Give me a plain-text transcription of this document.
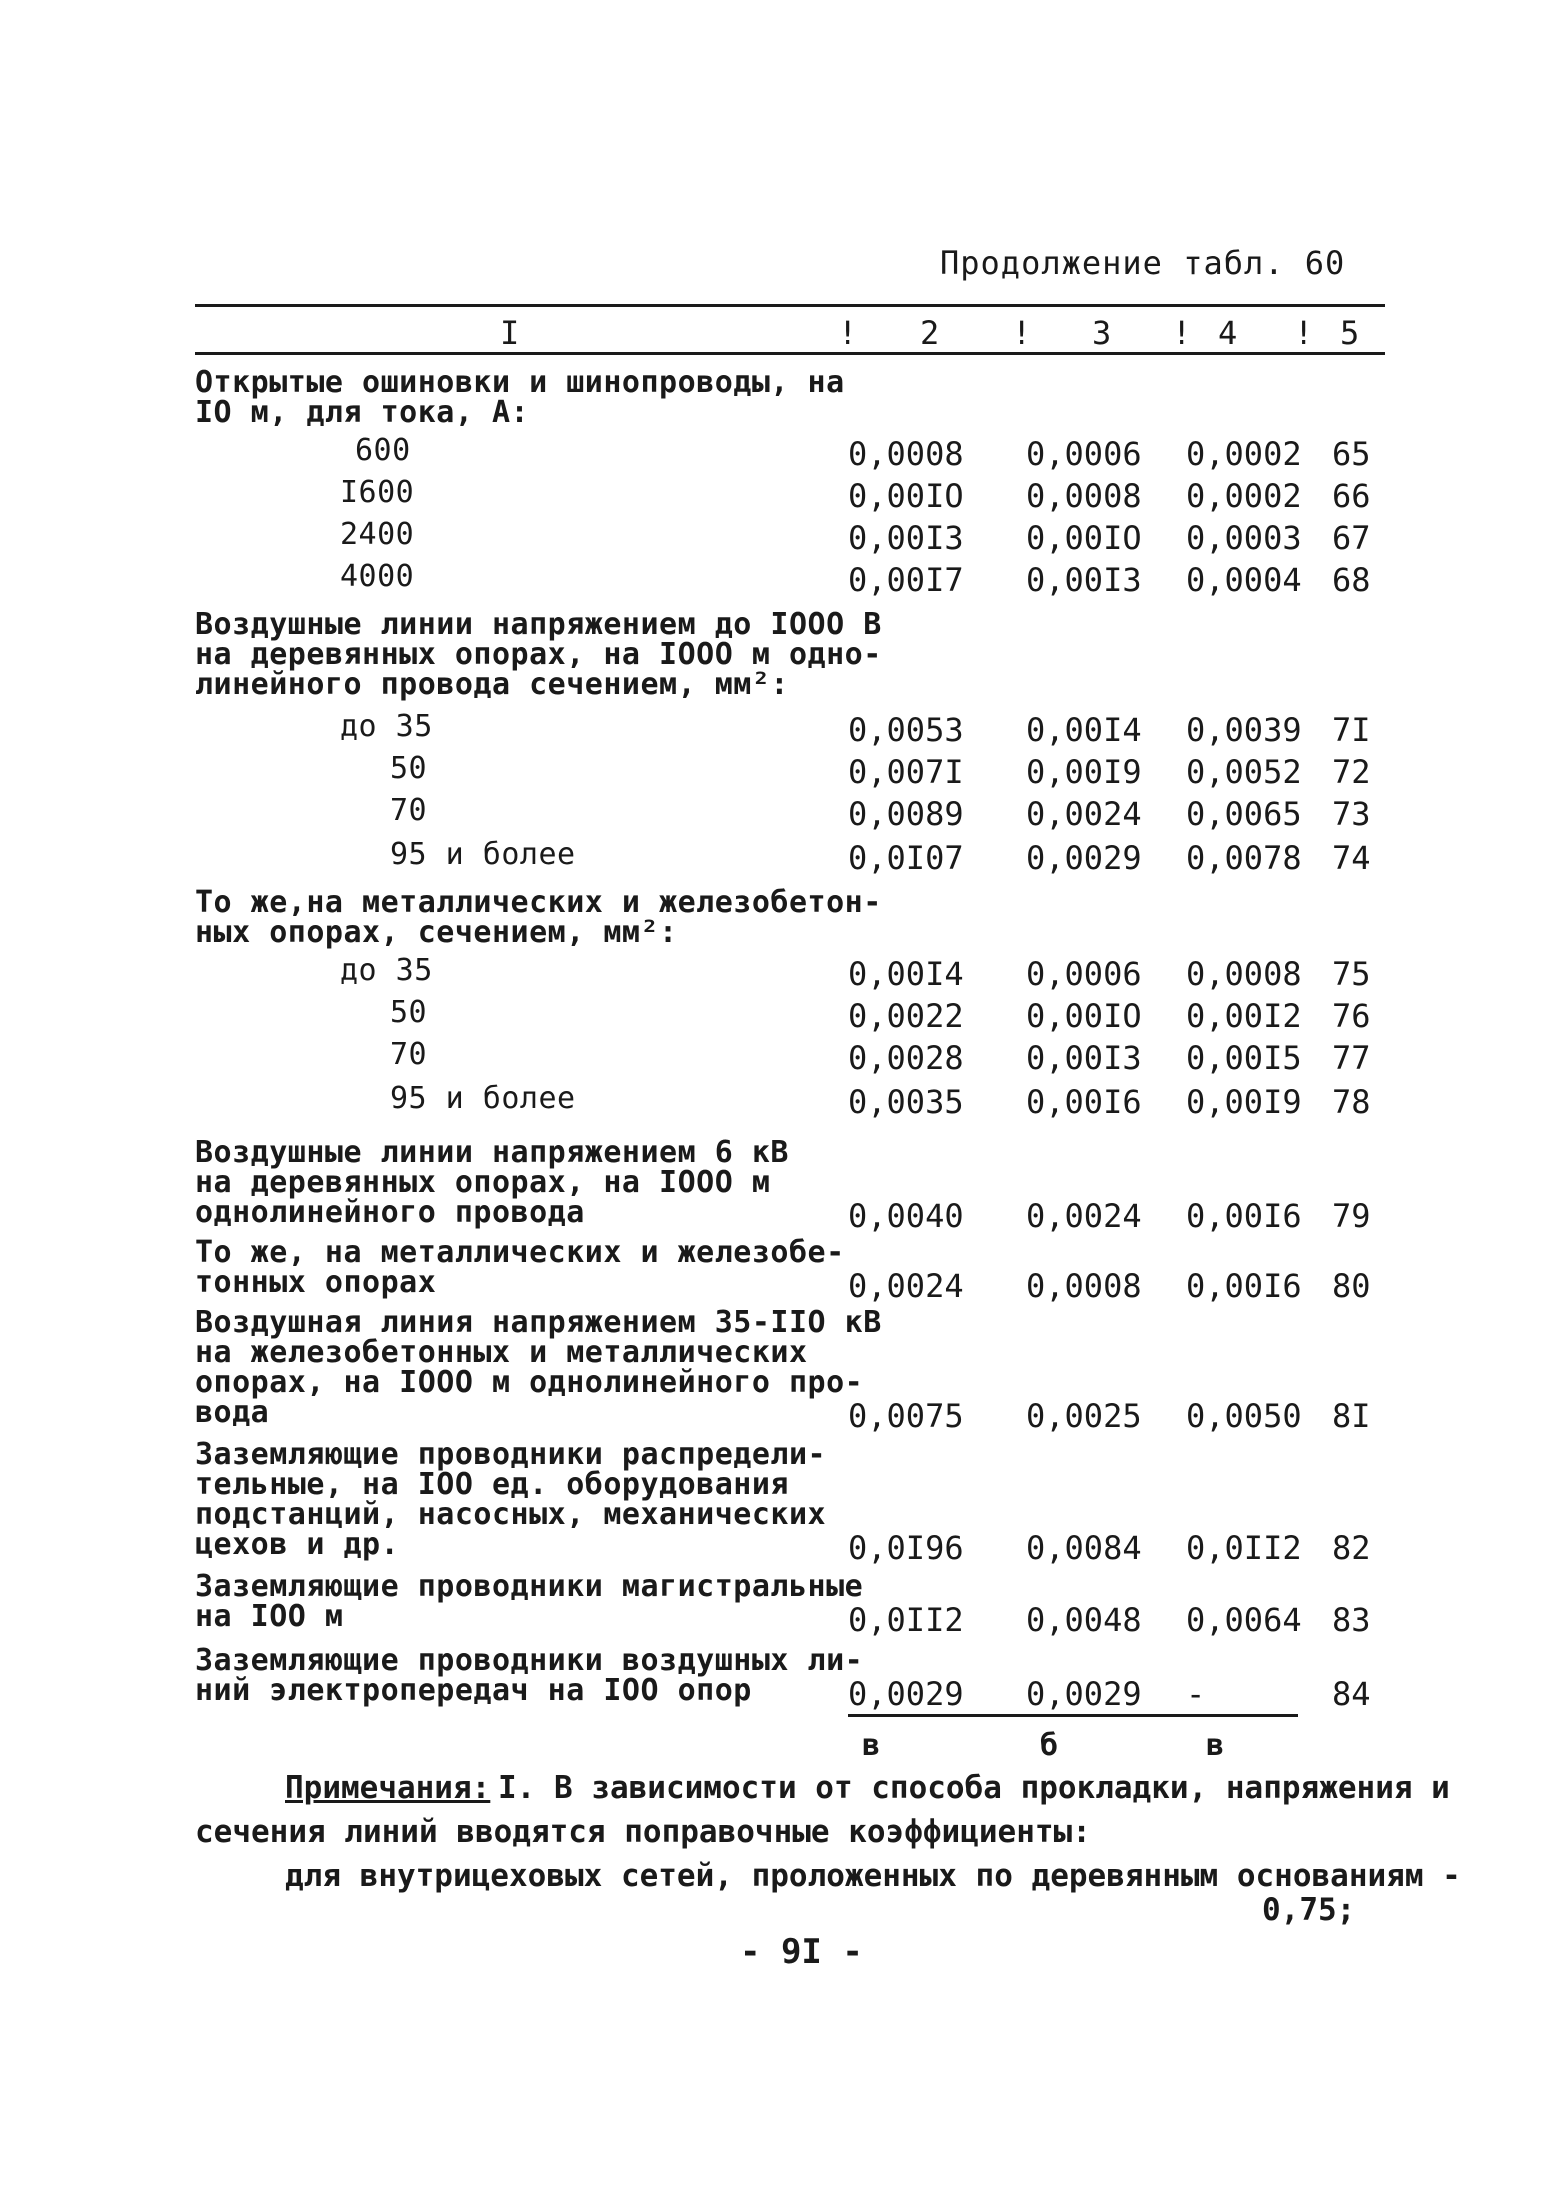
Продолжение табл. 60
I	2	3	4	5
!	!	!	!
Открытые ошиновки и шинопроводы, на
IO м, для тока, А:
600	0,0008 0,0006 0,0002 65
I600	0,00IO 0,0008 0,0002 66
2400	0,00I3 0,00IO 0,0003 67
4000	0,00I7 0,00I3 0,0004 68
Воздушные линии напряжением до IOOO В
на деревянных опорах, на IOOO м одно-
линейного провода сечением, мм²:
до 35	0,0053 0,00I4 0,0039 7I
50	0,007I 0,00I9 0,0052 72
70	0,0089 0,0024 0,0065 73
95 и более	0,0I07 0,0029 0,0078 74
То же,на металлических и железобетон-
ных опорах, сечением, мм²:
до 35	0,00I4 0,0006 0,0008 75
50	0,0022 0,00IO 0,00I2 76
70	0,0028 0,00I3 0,00I5 77
95 и более	0,0035 0,00I6 0,00I9 78
Воздушные линии напряжением 6 кВ
на деревянных опорах, на IOOO м
однолинейного провода	0,0040 0,0024 0,00I6 79
То же, на металлических и железобе-
тонных опорах	0,0024 0,0008 0,00I6 80
Воздушная линия напряжением 35-IIO кВ
на железобетонных и металлических
опорах, на IOOO м однолинейного про-
вода	0,0075 0,0025 0,0050 8I
Заземляющие проводники распредели-
тельные, на IOO ед. оборудования
подстанций, насосных, механических
цехов и др.	0,0I96 0,0084 0,0II2 82
Заземляющие проводники магистральные
на IOO м	0,0II2 0,0048 0,0064 83
Заземляющие проводники воздушных ли-
ний электропередач на IOO опор	0,0029 0,0029 -	84
в	б	в
Примечания: I. В зависимости от способа прокладки, напряжения и
сечения линий вводятся поправочные коэффициенты:
для внутрицеховых сетей, проложенных по деревянным основаниям -
0,75;
- 9I -
